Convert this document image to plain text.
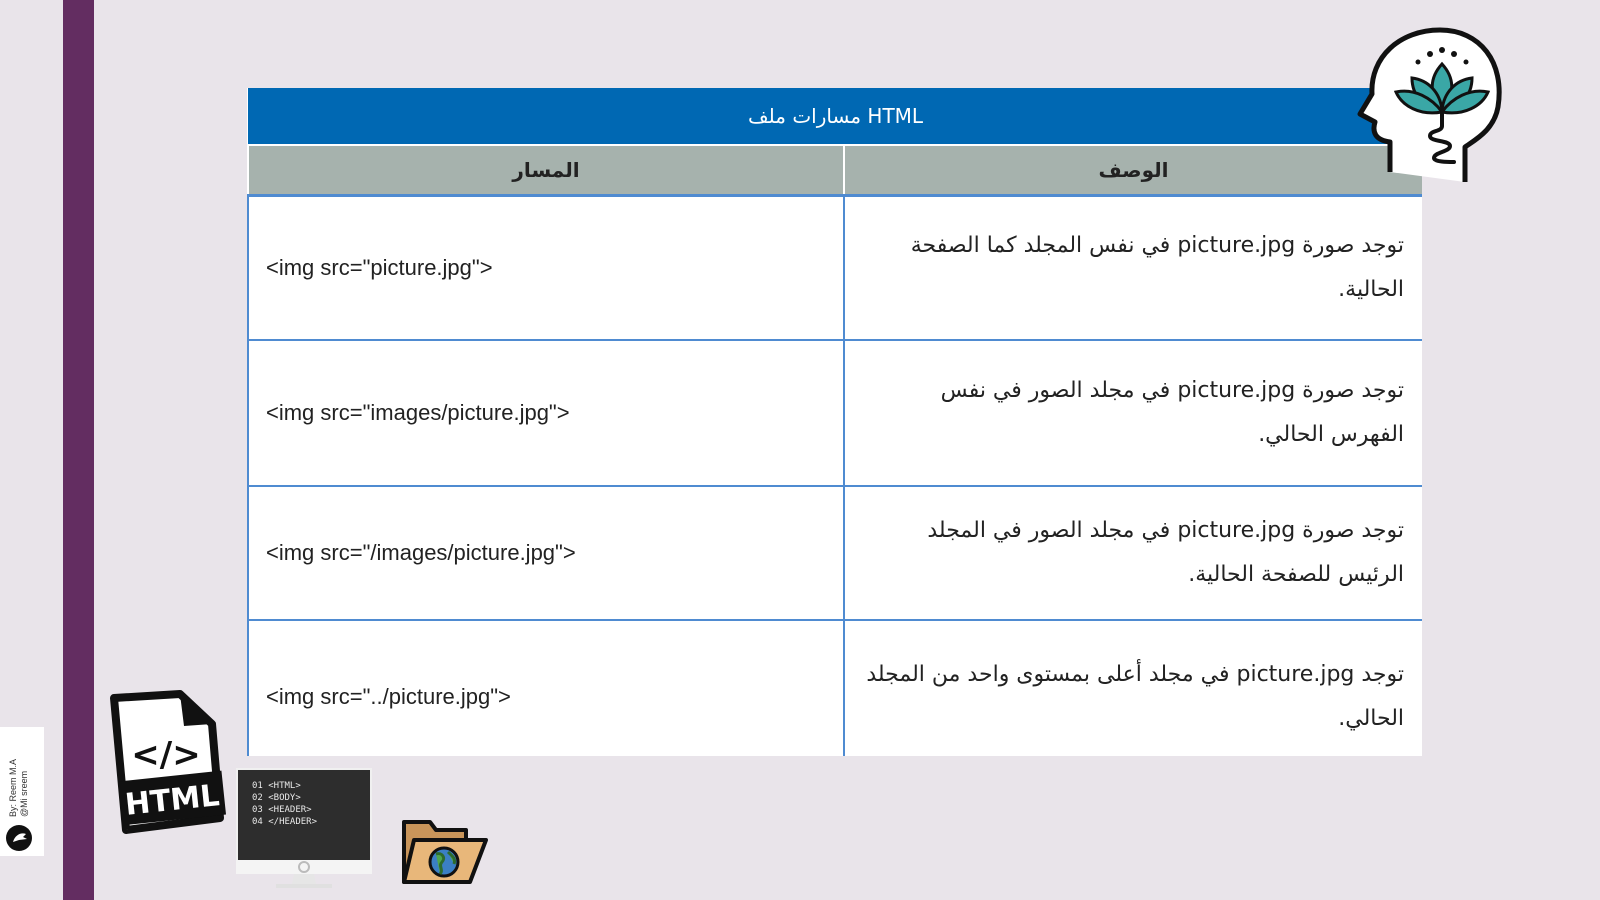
By: Reem M.A @Mi sreem
مسارات ملف HTML	
المسار	الوصف
<img src="picture.jpg">	توجد صورة picture.jpg في نفس المجلد كما الصفحة الحالية.
<img src="images/picture.jpg">	توجد صورة picture.jpg في مجلد الصور في نفس الفهرس الحالي.
<img src="/images/picture.jpg">	توجد صورة picture.jpg في مجلد الصور في المجلد الرئيس للصفحة الحالية.
<img src="../picture.jpg">	توجد picture.jpg في مجلد أعلى بمستوى واحد من المجلد الحالي.
</>
HTML	01 <HTML>
02 <BODY>
03 <HEADER>
04 </HEADER>
